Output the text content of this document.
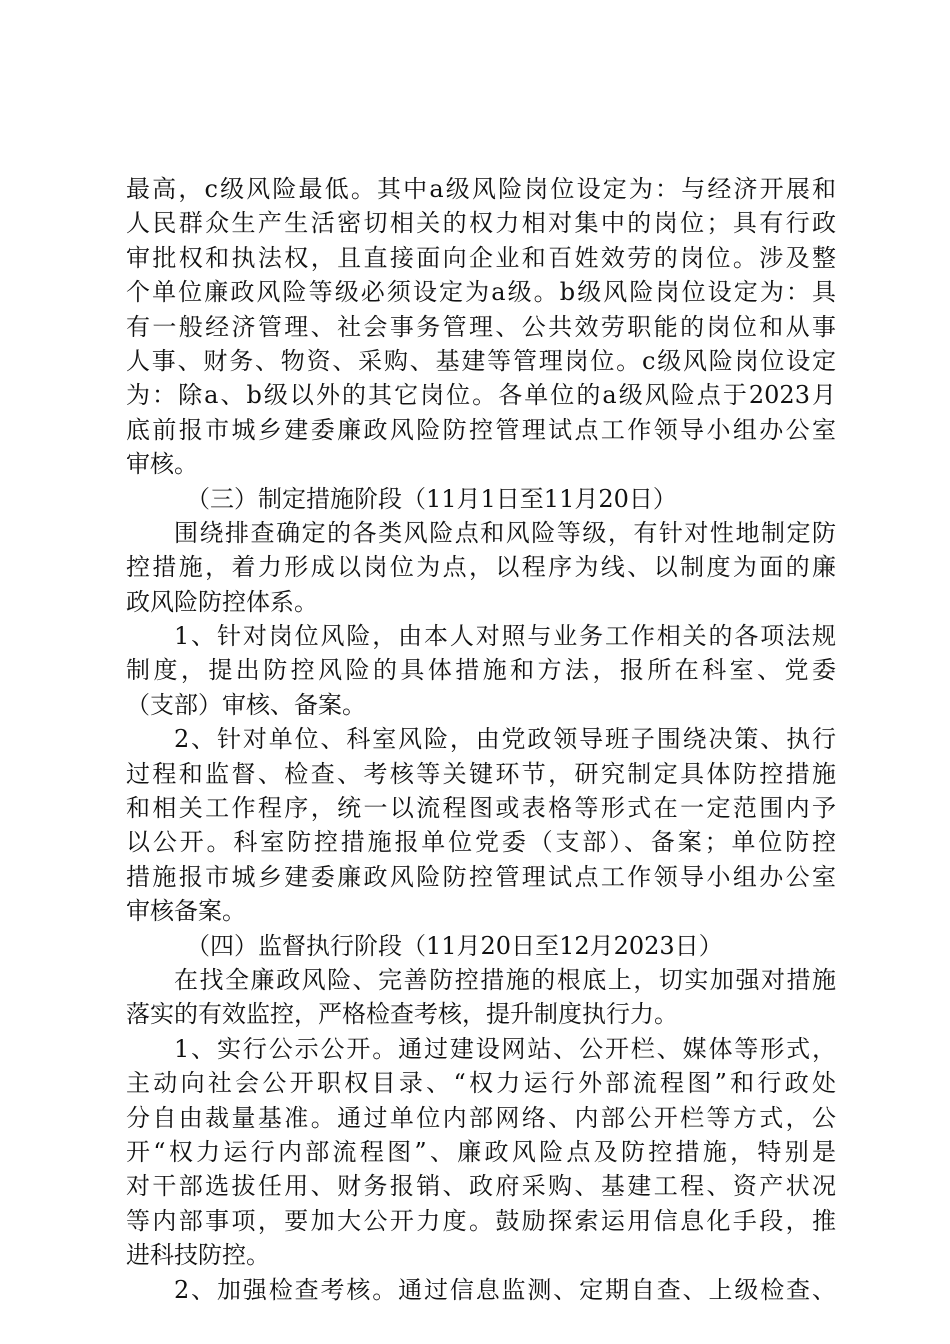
最高，c级风险最低。其中a级风险岗位设定为：与经济开展和
人民群众生产生活密切相关的权力相对集中的岗位；具有行政
审批权和执法权，且直接面向企业和百姓效劳的岗位。涉及整
个单位廉政风险等级必须设定为a级。b级风险岗位设定为：具
有一般经济管理、社会事务管理、公共效劳职能的岗位和从事
人事、财务、物资、采购、基建等管理岗位。c级风险岗位设定
为：除a、b级以外的其它岗位。各单位的a级风险点于2023月
底前报市城乡建委廉政风险防控管理试点工作领导小组办公室
审核。
（三）制定措施阶段（11月1日至11月20日）
围绕排查确定的各类风险点和风险等级，有针对性地制定防
控措施，着力形成以岗位为点，以程序为线、以制度为面的廉
政风险防控体系。
1、针对岗位风险，由本人对照与业务工作相关的各项法规
制度，提出防控风险的具体措施和方法，报所在科室、党委
（支部）审核、备案。
2、针对单位、科室风险，由党政领导班子围绕决策、执行
过程和监督、检查、考核等关键环节，研究制定具体防控措施
和相关工作程序，统一以流程图或表格等形式在一定范围内予
以公开。科室防控措施报单位党委（支部）、备案；单位防控
措施报市城乡建委廉政风险防控管理试点工作领导小组办公室
审核备案。
（四）监督执行阶段（11月20日至12月2023日）
在找全廉政风险、完善防控措施的根底上，切实加强对措施
落实的有效监控，严格检查考核，提升制度执行力。
1、实行公示公开。通过建设网站、公开栏、媒体等形式，
主动向社会公开职权目录、“权力运行外部流程图”和行政处
分自由裁量基准。通过单位内部网络、内部公开栏等方式，公
开“权力运行内部流程图”、廉政风险点及防控措施，特别是
对干部选拔任用、财务报销、政府采购、基建工程、资产状况
等内部事项，要加大公开力度。鼓励探索运用信息化手段，推
进科技防控。
2、加强检查考核。通过信息监测、定期自查、上级检查、
